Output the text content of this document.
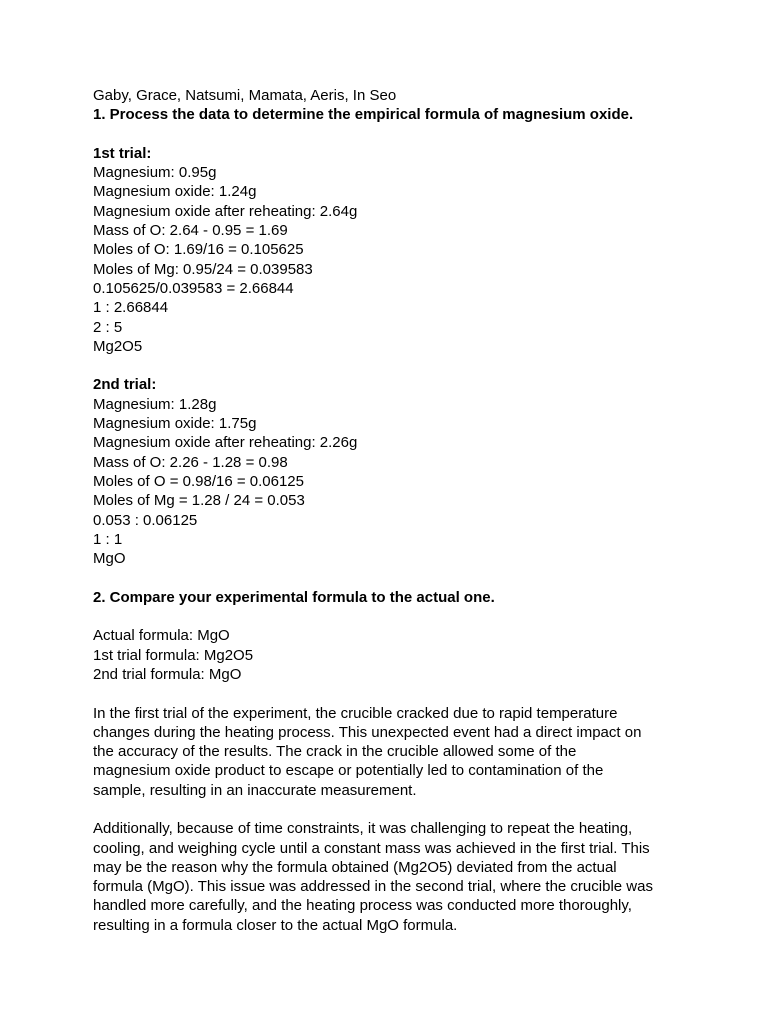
Gaby, Grace, Natsumi, Mamata, Aeris, In Seo
1. Process the data to determine the empirical formula of magnesium oxide.
1st trial:
Magnesium: 0.95g
Magnesium oxide: 1.24g
Magnesium oxide after reheating: 2.64g
Mass of O: 2.64 - 0.95 = 1.69
Moles of O: 1.69/16 = 0.105625
Moles of Mg: 0.95/24 = 0.039583
0.105625/0.039583 = 2.66844
1 : 2.66844
2 : 5
Mg2O5
2nd trial:
Magnesium: 1.28g
Magnesium oxide: 1.75g
Magnesium oxide after reheating: 2.26g
Mass of O: 2.26 - 1.28 = 0.98
Moles of O = 0.98/16 = 0.06125
Moles of Mg = 1.28 / 24 = 0.053
0.053 : 0.06125
1 : 1
MgO
2. Compare your experimental formula to the actual one.
Actual formula: MgO
1st trial formula: Mg2O5
2nd trial formula: MgO
In the first trial of the experiment, the crucible cracked due to rapid temperature
changes during the heating process. This unexpected event had a direct impact on
the accuracy of the results. The crack in the crucible allowed some of the
magnesium oxide product to escape or potentially led to contamination of the
sample, resulting in an inaccurate measurement.
Additionally, because of time constraints, it was challenging to repeat the heating,
cooling, and weighing cycle until a constant mass was achieved in the first trial. This
may be the reason why the formula obtained (Mg2O5) deviated from the actual
formula (MgO). This issue was addressed in the second trial, where the crucible was
handled more carefully, and the heating process was conducted more thoroughly,
resulting in a formula closer to the actual MgO formula.
